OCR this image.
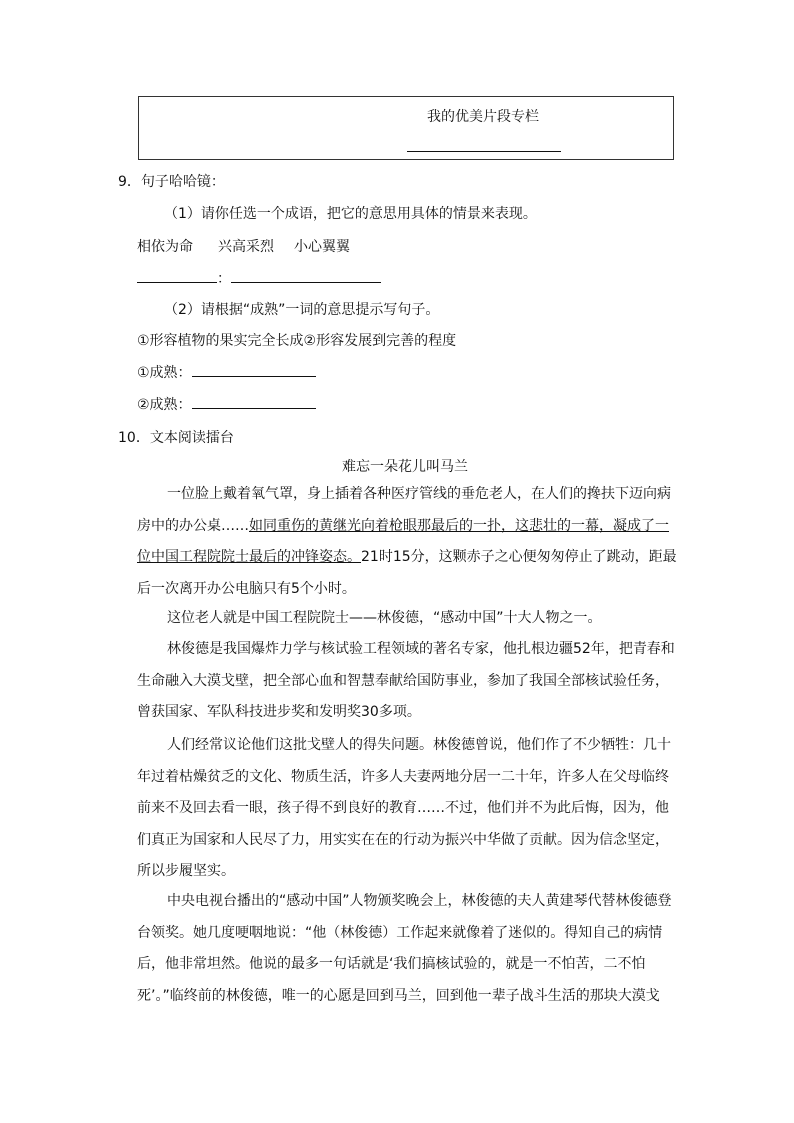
我的优美片段专栏
9．句子哈哈镜：
（1）请你任选一个成语，把它的意思用具体的情景来表现。
相依为命 兴高采烈 小心翼翼
：
（2）请根据“成熟”一词的意思提示写句子。
①形容植物的果实完全长成②形容发展到完善的程度
①成熟：
②成熟：
10．文本阅读擂台
难忘一朵花儿叫马兰
一位脸上戴着氧气罩，身上插着各种医疗管线的垂危老人，在人们的搀扶下迈向病房中的办公桌……如同重伤的黄继光向着枪眼那最后的一扑，这悲壮的一幕，凝成了一位中国工程院院士最后的冲锋姿态。21时15分，这颗赤子之心便匆匆停止了跳动，距最后一次离开办公电脑只有5个小时。
这位老人就是中国工程院院士——林俊德，“感动中国”十大人物之一。
林俊德是我国爆炸力学与核试验工程领域的著名专家，他扎根边疆52年，把青春和生命融入大漠戈壁，把全部心血和智慧奉献给国防事业，参加了我国全部核试验任务，曾获国家、军队科技进步奖和发明奖30多项。
人们经常议论他们这批戈壁人的得失问题。林俊德曾说，他们作了不少牺牲：几十年过着枯燥贫乏的文化、物质生活，许多人夫妻两地分居一二十年，许多人在父母临终前来不及回去看一眼，孩子得不到良好的教育……不过，他们并不为此后悔，因为，他们真正为国家和人民尽了力，用实实在在的行动为振兴中华做了贡献。因为信念坚定，所以步履坚实。
中央电视台播出的“感动中国”人物颁奖晚会上，林俊德的夫人黄建琴代替林俊德登台领奖。她几度哽咽地说：“他（林俊德）工作起来就像着了迷似的。得知自己的病情后，他非常坦然。他说的最多一句话就是‘我们搞核试验的，就是一不怕苦，二不怕死’。”临终前的林俊德，唯一的心愿是回到马兰，回到他一辈子战斗生活的那块大漠戈
